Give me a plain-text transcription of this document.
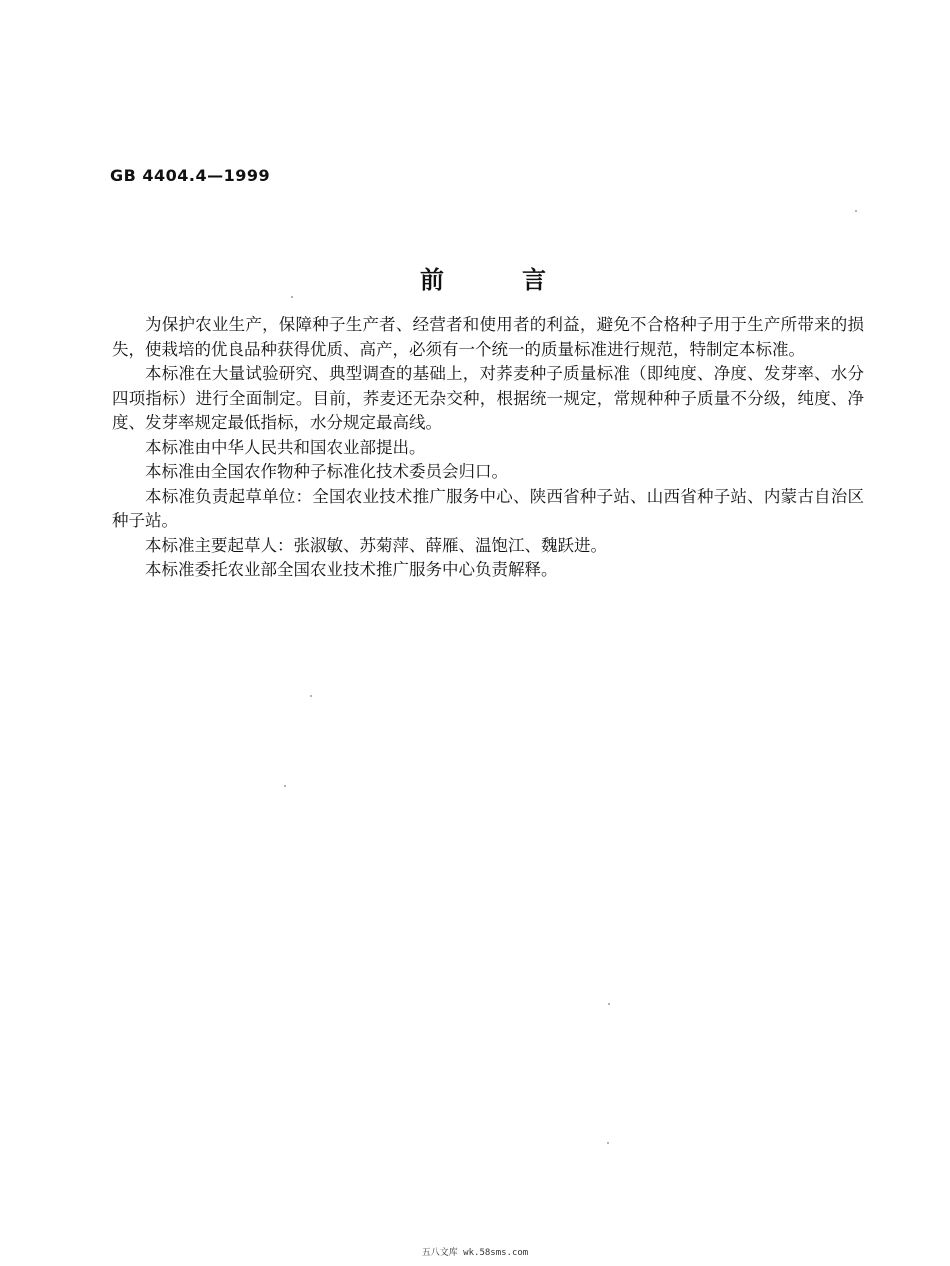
GB 4404.4—1999
前言

为保护农业生产，保障种子生产者、经营者和使用者的利益，避免不合格种子用于生产所带来的损失，使栽培的优良品种获得优质、高产，必须有一个统一的质量标准进行规范，特制定本标准。

本标准在大量试验研究、典型调查的基础上，对荞麦种子质量标准（即纯度、净度、发芽率、水分四项指标）进行全面制定。目前，荞麦还无杂交种，根据统一规定，常规种种子质量不分级，纯度、净度、发芽率规定最低指标，水分规定最高线。

本标准由中华人民共和国农业部提出。

本标准由全国农作物种子标准化技术委员会归口。

本标准负责起草单位：全国农业技术推广服务中心、陕西省种子站、山西省种子站、内蒙古自治区种子站。

本标准主要起草人：张淑敏、苏菊萍、薛雁、温饱江、魏跃进。

本标准委托农业部全国农业技术推广服务中心负责解释。

五八文库 wk.58sms.com
